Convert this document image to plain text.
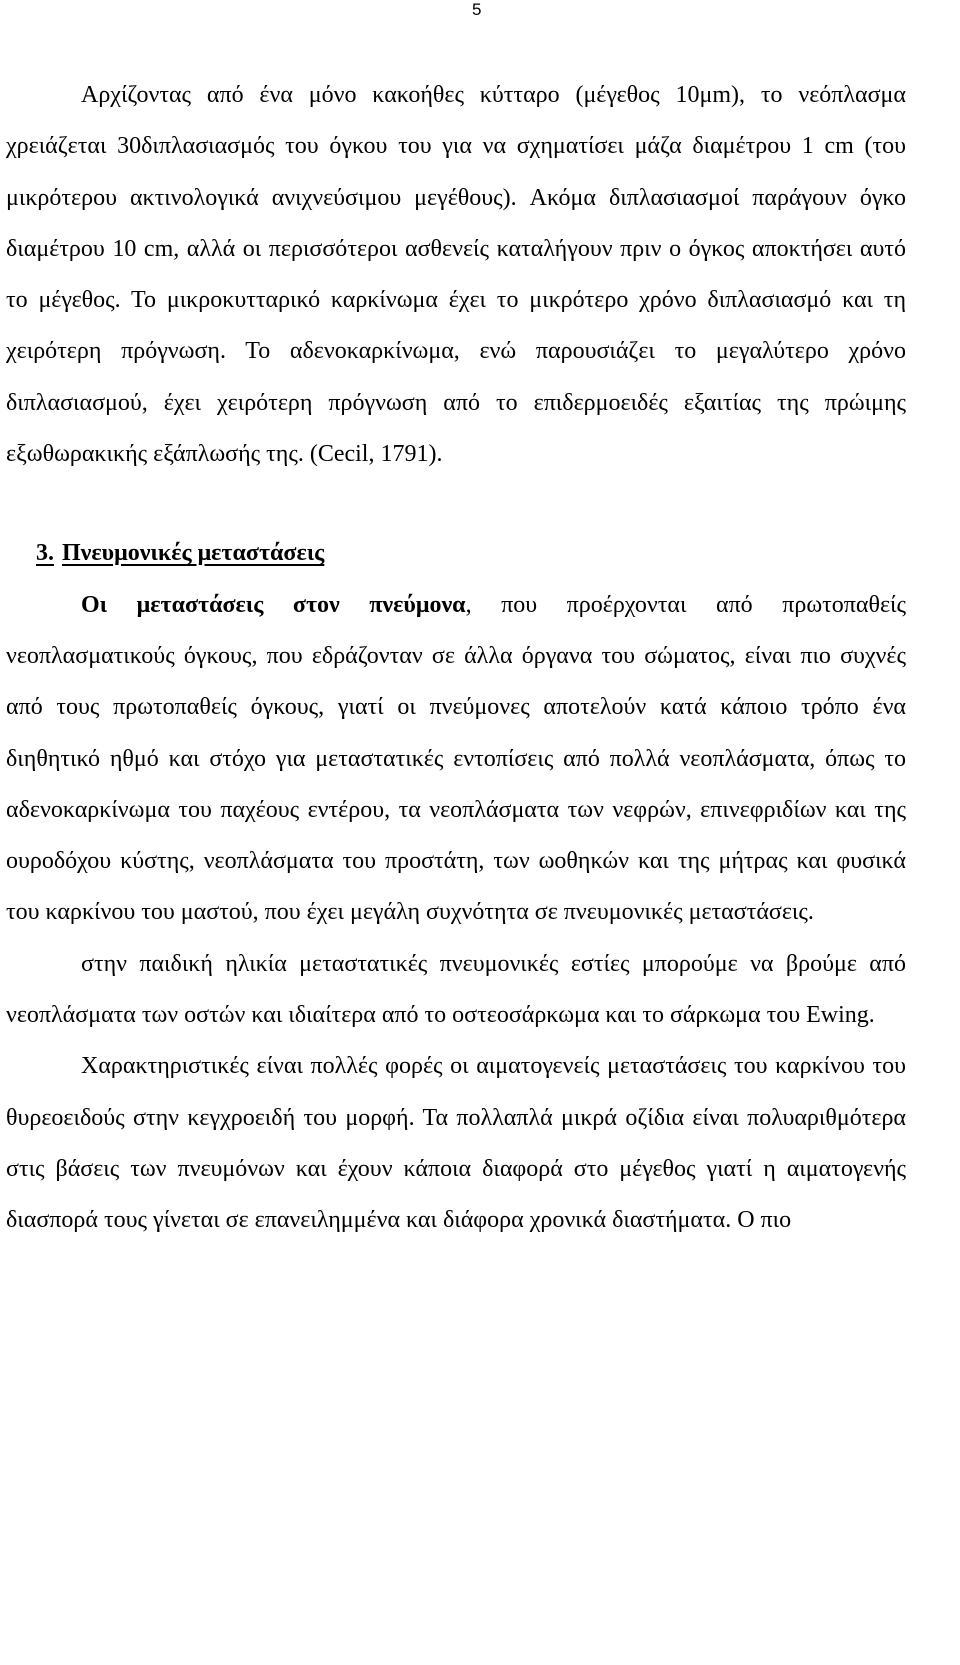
5

Αρχίζοντας από ένα μόνο κακοήθες κύτταρο (μέγεθος 10μm), το νεόπλασμα χρειάζεται 30διπλασιασμός του όγκου του για να σχηματίσει μάζα διαμέτρου 1 cm (του μικρότερου ακτινολογικά ανιχνεύσιμου μεγέθους). Ακόμα διπλασιασμοί παράγουν όγκο διαμέτρου 10 cm, αλλά οι περισσότεροι ασθενείς καταλήγουν πριν ο όγκος αποκτήσει αυτό το μέγεθος. Το μικροκυτταρικό καρκίνωμα έχει το μικρότερο χρόνο διπλασιασμό και τη χειρότερη πρόγνωση. Το αδενοκαρκίνωμα, ενώ παρουσιάζει το μεγαλύτερο χρόνο διπλασιασμού, έχει χειρότερη πρόγνωση από το επιδερμοειδές εξαιτίας της πρώιμης εξωθωρακικής εξάπλωσής της. (Cecil, 1791).

3. Πνευμονικές μεταστάσεις

Οι μεταστάσεις στον πνεύμονα, που προέρχονται από πρωτοπαθείς νεοπλασματικούς όγκους, που εδράζονταν σε άλλα όργανα του σώματος, είναι πιο συχνές από τους πρωτοπαθείς όγκους, γιατί οι πνεύμονες αποτελούν κατά κάποιο τρόπο ένα διηθητικό ηθμό και στόχο για μεταστατικές εντοπίσεις από πολλά νεοπλάσματα, όπως το αδενοκαρκίνωμα του παχέους εντέρου, τα νεοπλάσματα των νεφρών, επινεφριδίων και της ουροδόχου κύστης, νεοπλάσματα του προστάτη, των ωοθηκών και της μήτρας και φυσικά του καρκίνου του μαστού, που έχει μεγάλη συχνότητα σε πνευμονικές μεταστάσεις.

στην παιδική ηλικία μεταστατικές πνευμονικές εστίες μπορούμε να βρούμε από νεοπλάσματα των οστών και ιδιαίτερα από το οστεοσάρκωμα και το σάρκωμα του Ewing.

Χαρακτηριστικές είναι πολλές φορές οι αιματογενείς μεταστάσεις του καρκίνου του θυρεοειδούς στην κεγχροειδή του μορφή. Τα πολλαπλά μικρά οζίδια είναι πολυαριθμότερα στις βάσεις των πνευμόνων και έχουν κάποια διαφορά στο μέγεθος γιατί η αιματογενής διασπορά τους γίνεται σε επανειλημμένα και διάφορα χρονικά διαστήματα. Ο πιο
